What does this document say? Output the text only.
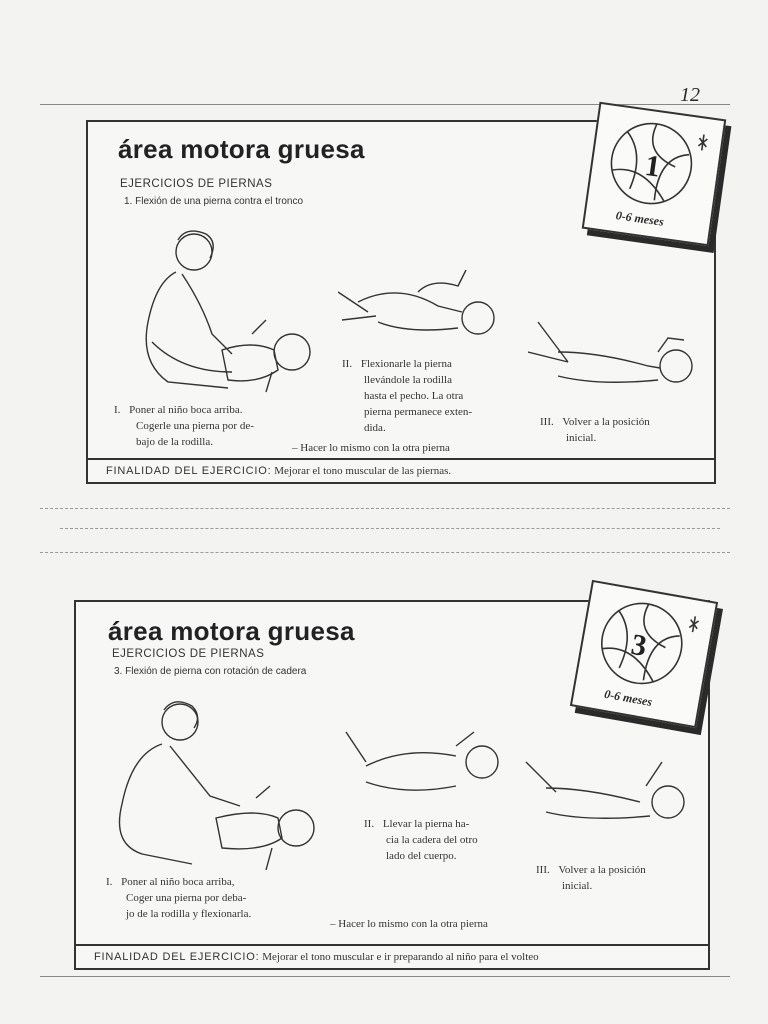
12
área motora gruesa
EJERCICIOS DE PIERNAS
1. Flexión de una pierna contra el tronco
I. Poner al niño boca arriba.
Cogerle una pierna por de-
bajo de la rodilla.
II. Flexionarle la pierna
llevándole la rodilla
hasta el pecho. La otra
pierna permanece exten-
dida.	III. Volver a la posición
inicial.
– Hacer lo mismo con la otra pierna
FINALIDAD DEL EJERCICIO: Mejorar el tono muscular de las piernas.
1
0-6 meses
área motora gruesa
EJERCICIOS DE PIERNAS
3. Flexión de pierna con rotación de cadera
I. Poner al niño boca arriba,
Coger una pierna por deba-
jo de la rodilla y flexionarla.
II. Llevar la pierna ha-
cia la cadera del otro
lado del cuerpo.
III. Volver a la posición
inicial.
– Hacer lo mismo con la otra pierna
FINALIDAD DEL EJERCICIO: Mejorar el tono muscular e ir preparando al niño para el volteo
3
0-6 meses
